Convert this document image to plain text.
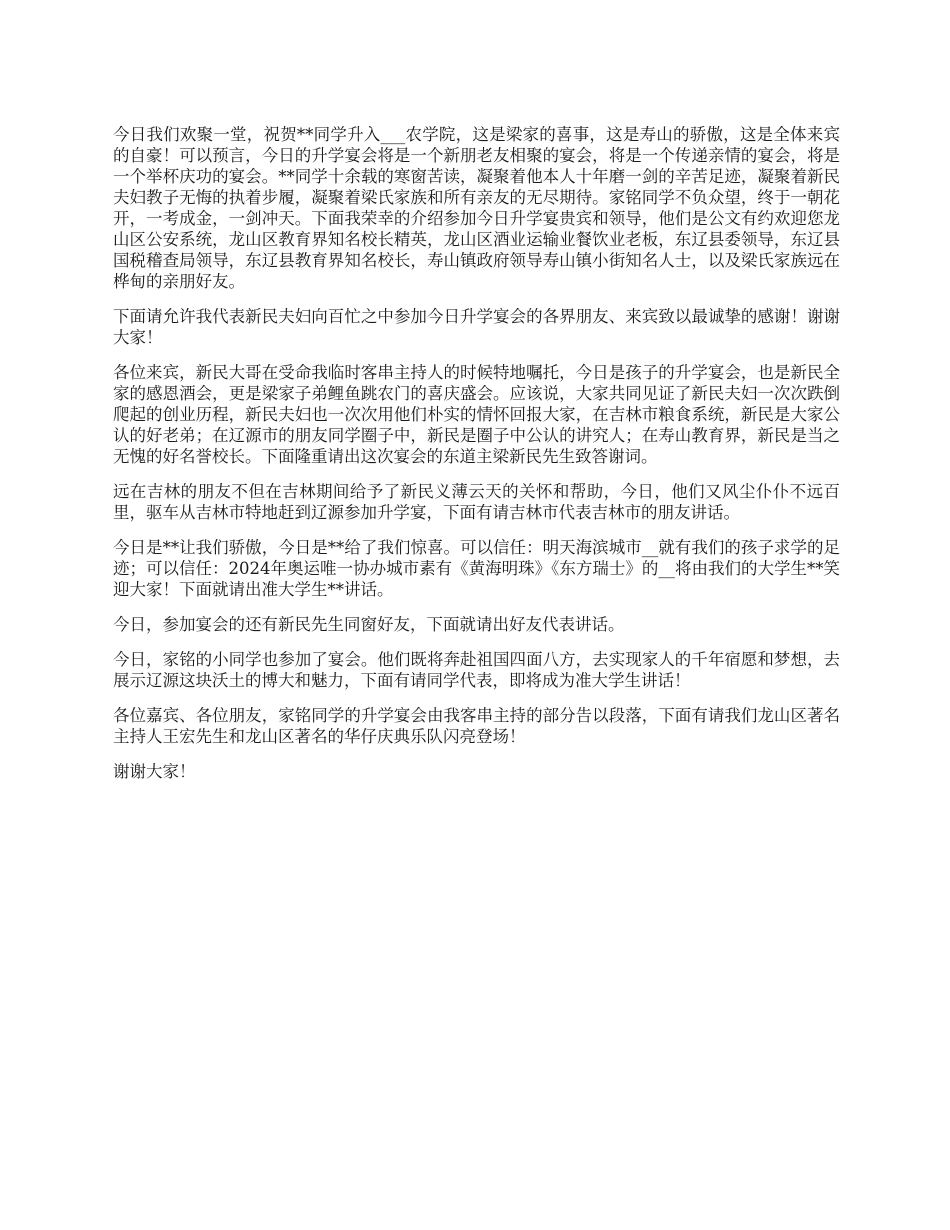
今日我们欢聚一堂，祝贺**同学升入___农学院，这是梁家的喜事，这是寿山的骄傲，这是全体来宾的自豪！可以预言，今日的升学宴会将是一个新朋老友相聚的宴会，将是一个传递亲情的宴会，将是一个举杯庆功的宴会。**同学十余载的寒窗苦读，凝聚着他本人十年磨一剑的辛苦足迹，凝聚着新民夫妇教子无悔的执着步履，凝聚着梁氏家族和所有亲友的无尽期待。家铭同学不负众望，终于一朝花开，一考成金，一剑冲天。下面我荣幸的介绍参加今日升学宴贵宾和领导，他们是公文有约欢迎您龙山区公安系统，龙山区教育界知名校长精英，龙山区酒业运输业餐饮业老板，东辽县委领导，东辽县国税稽查局领导，东辽县教育界知名校长，寿山镇政府领导寿山镇小街知名人士，以及梁氏家族远在桦甸的亲朋好友。

下面请允许我代表新民夫妇向百忙之中参加今日升学宴会的各界朋友、来宾致以最诚挚的感谢！谢谢大家！

各位来宾，新民大哥在受命我临时客串主持人的时候特地嘱托，今日是孩子的升学宴会，也是新民全家的感恩酒会，更是梁家子弟鲤鱼跳农门的喜庆盛会。应该说，大家共同见证了新民夫妇一次次跌倒爬起的创业历程，新民夫妇也一次次用他们朴实的情怀回报大家，在吉林市粮食系统，新民是大家公认的好老弟；在辽源市的朋友同学圈子中，新民是圈子中公认的讲究人；在寿山教育界，新民是当之无愧的好名誉校长。下面隆重请出这次宴会的东道主梁新民先生致答谢词。

远在吉林的朋友不但在吉林期间给予了新民义薄云天的关怀和帮助，今日，他们又风尘仆仆不远百里，驱车从吉林市特地赶到辽源参加升学宴，下面有请吉林市代表吉林市的朋友讲话。

今日是**让我们骄傲，今日是**给了我们惊喜。可以信任：明天海滨城市__就有我们的孩子求学的足迹；可以信任：2024年奥运唯一协办城市素有《黄海明珠》《东方瑞士》的__将由我们的大学生**笑迎大家！下面就请出准大学生**讲话。

今日，参加宴会的还有新民先生同窗好友，下面就请出好友代表讲话。

今日，家铭的小同学也参加了宴会。他们既将奔赴祖国四面八方，去实现家人的千年宿愿和梦想，去展示辽源这块沃土的博大和魅力，下面有请同学代表，即将成为准大学生讲话！

各位嘉宾、各位朋友，家铭同学的升学宴会由我客串主持的部分告以段落，下面有请我们龙山区著名主持人王宏先生和龙山区著名的华仔庆典乐队闪亮登场！

谢谢大家！
